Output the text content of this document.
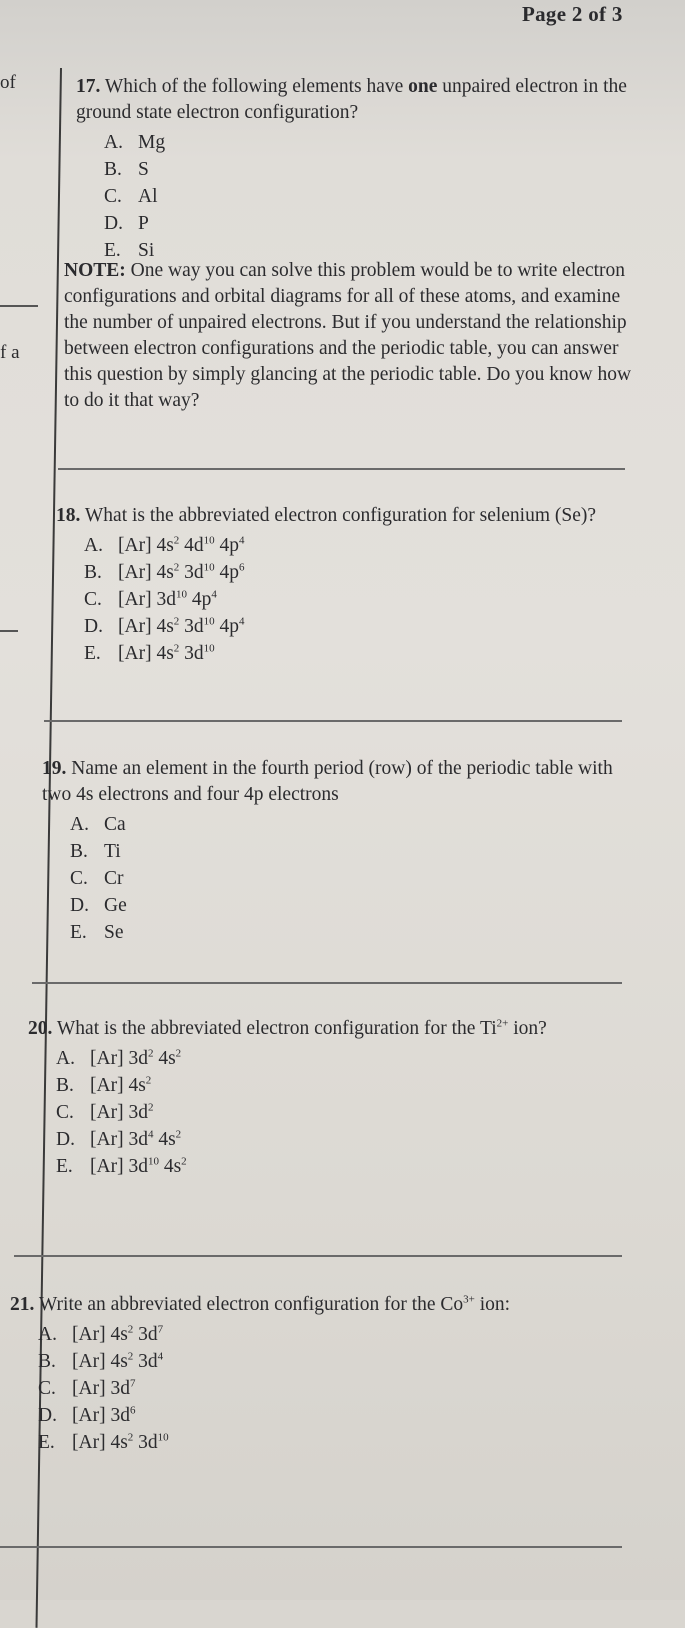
Page 2 of 3
of
f a

17. Which of the following elements have one unpaired electron in the ground state electron configuration?

A. Mg
B. S
C. Al
D. P
E. Si
NOTE: One way you can solve this problem would be to write electron configurations and orbital diagrams for all of these atoms, and examine the number of unpaired electrons. But if you understand the relationship between electron configurations and the periodic table, you can answer this question by simply glancing at the periodic table. Do you know how to do it that way?

18. What is the abbreviated electron configuration for selenium (Se)?

A. [Ar] $4s^2$ $4d^{10}$ $4p^4$
B. [Ar] $4s^2$ $3d^{10}$ $4p^6$
C. [Ar] $3d^{10}$ $4p^4$
D. [Ar] $4s^2$ $3d^{10}$ $4p^4$
E. [Ar] $4s^2$ $3d^{10}$

19. Name an element in the fourth period (row) of the periodic table with two 4s electrons and four 4p electrons

A. Ca
B. Ti
C. Cr
D. Ge
E. Se

20. What is the abbreviated electron configuration for the $Ti^{2+}$ ion?

A. [Ar] $3d^2$ $4s^2$
B. [Ar] $4s^2$
C. [Ar] $3d^2$
D. [Ar] $3d^4$ $4s^2$
E. [Ar] $3d^{10}$ $4s^2$

21. Write an abbreviated electron configuration for the $Co^{3+}$ ion:

A. [Ar] $4s^2$ $3d^7$
B. [Ar] $4s^2$ $3d^4$
C. [Ar] $3d^7$
D. [Ar] $3d^6$
E. [Ar] $4s^2$ $3d^{10}$
